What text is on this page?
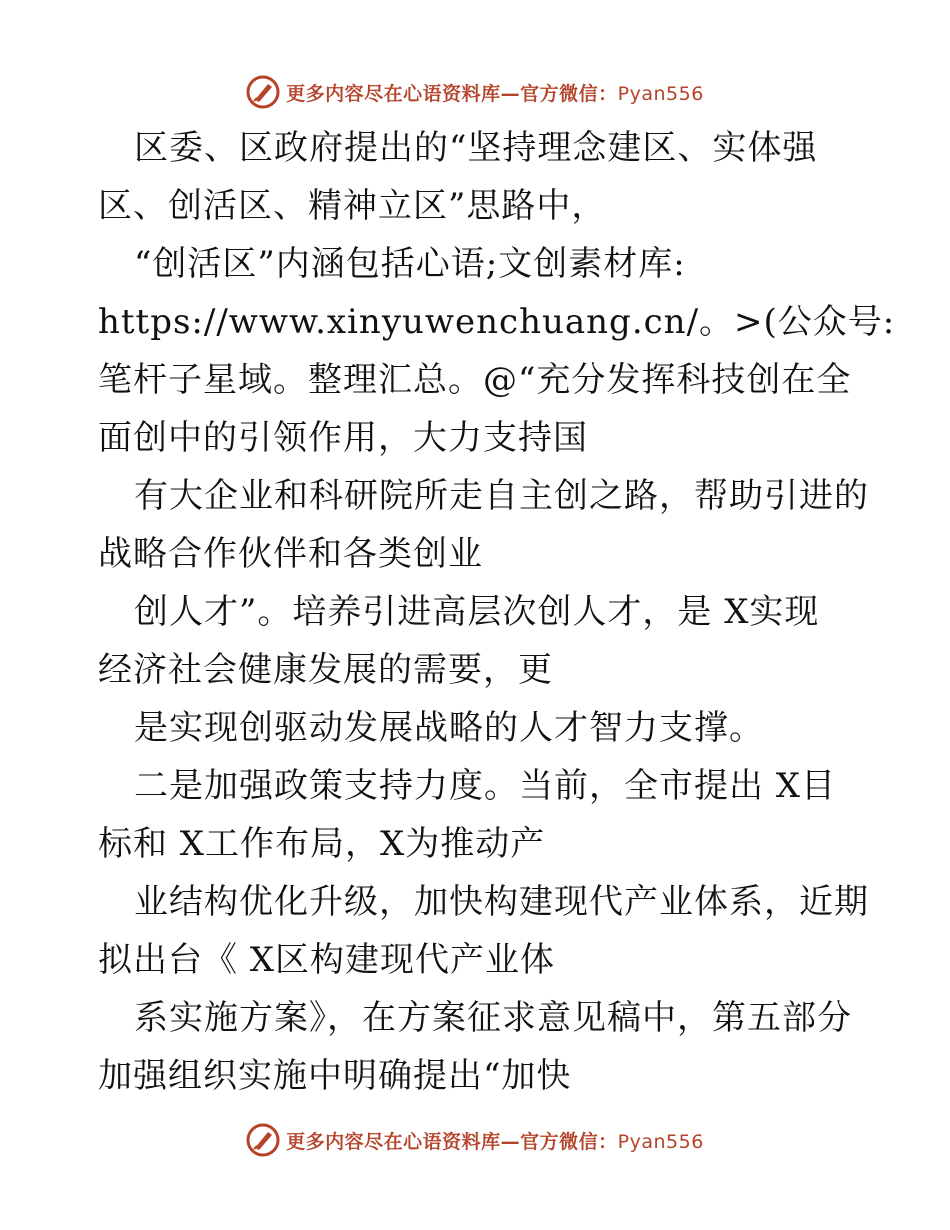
更多内容尽在心语资料库—官方微信：Pyan556
区委、区政府提出的“坚持理念建区、实体强
区、创活区、精神立区”思路中，
“创活区”内涵包括心语;文创素材库:
https://www.xinyuwenchuang.cn/。>(公众号:
笔杆子星域。整理汇总。@“充分发挥科技创在全
面创中的引领作用，大力支持国
有大企业和科研院所走自主创之路，帮助引进的
战略合作伙伴和各类创业
创人才”。培养引进高层次创人才，是 X实现
经济社会健康发展的需要，更
是实现创驱动发展战略的人才智力支撑。
二是加强政策支持力度。当前，全市提出 X目
标和 X工作布局，X为推动产
业结构优化升级，加快构建现代产业体系，近期
拟出台《 X区构建现代产业体
系实施方案》，在方案征求意见稿中，第五部分
加强组织实施中明确提出“加快
更多内容尽在心语资料库—官方微信：Pyan556
